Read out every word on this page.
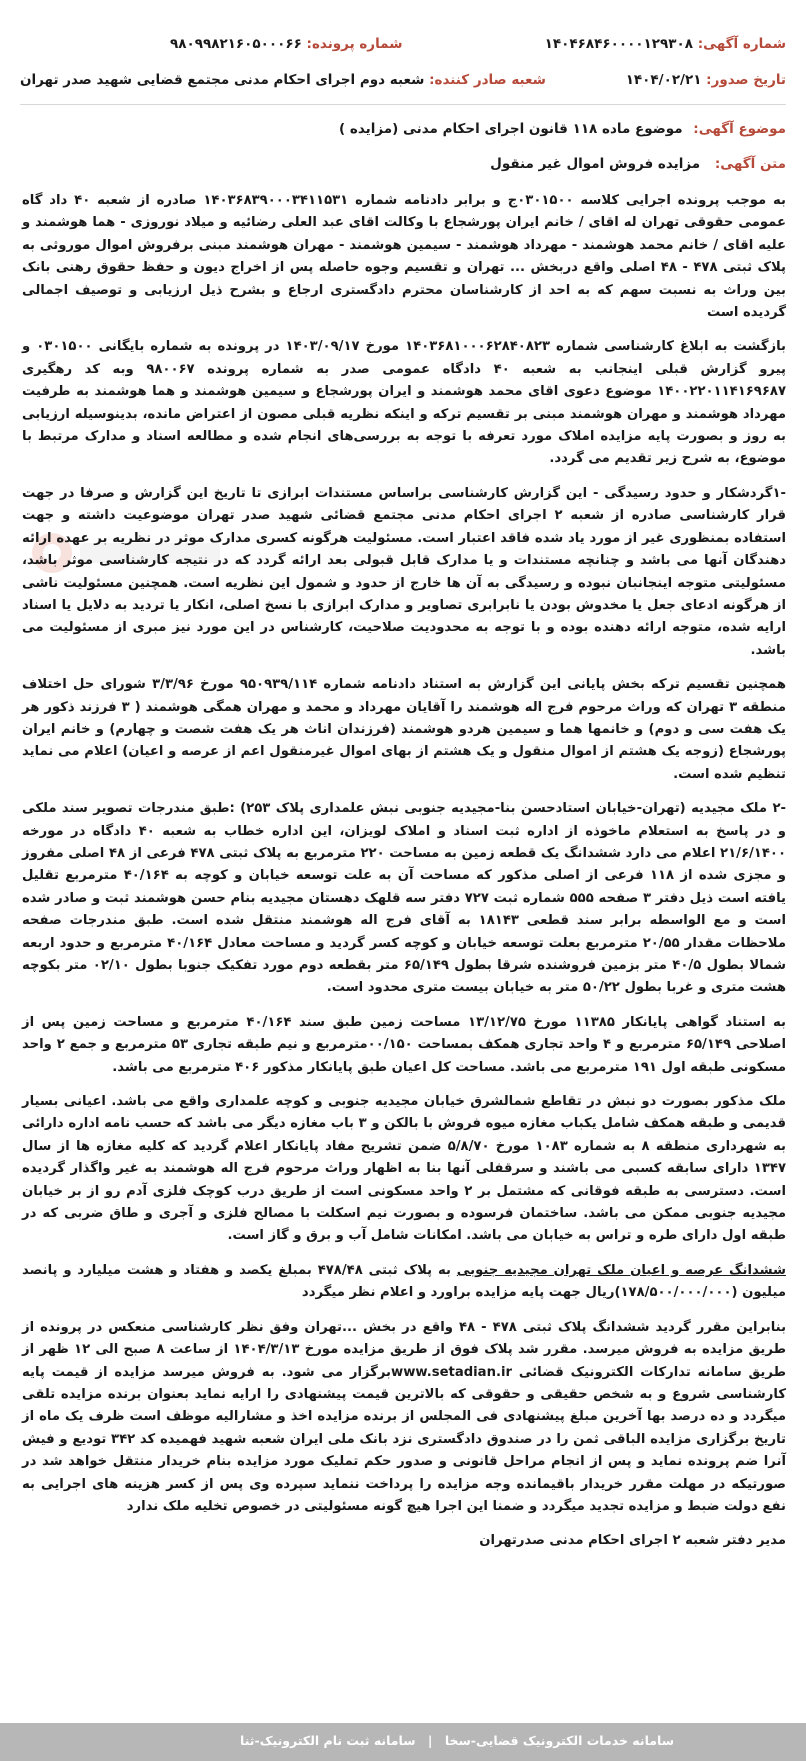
شماره آگهی: ۱۴۰۴۶۸۴۶۰۰۰۰۱۲۹۳۰۸
شماره پرونده: ۹۸۰۹۹۸۲۱۶۰۵۰۰۰۶۶
تاریخ صدور: ۱۴۰۴/۰۲/۲۱
شعبه صادر کننده: شعبه دوم اجرای احکام مدنی مجتمع قضایی شهید صدر تهران
موضوع آگهی: موضوع ماده ۱۱۸ قانون اجرای احکام مدنی (مزایده )
متن آگهی: مزایده فروش اموال غیر منقول

به موجب پرونده اجرایی کلاسه ۰۳۰۱۵۰۰ج و برابر دادنامه شماره ۱۴۰۳۶۸۳۹۰۰۰۳۴۱۱۵۳۱ صادره از شعبه ۴۰ داد گاه عمومی حقوقی تهران له اقای / خانم ایران پورشجاع با وکالت اقای عبد العلی رضائیه و میلاد نوروزی - هما هوشمند و علیه اقای / خانم محمد هوشمند - مهرداد هوشمند - سیمین هوشمند - مهران هوشمند مبنی برفروش اموال موروثی به پلاک ثبتی ۴۷۸ - ۴۸ اصلی واقع دربخش ... تهران و تقسیم وجوه حاصله پس از اخراج دیون و حفظ حقوق رهنی بانک بین وراث به نسبت سهم که به احد از کارشناسان محترم دادگستری ارجاع و بشرح ذیل ارزیابی و توصیف اجمالی گردیده است

بازگشت به ابلاغ کارشناسی شماره ۱۴۰۳۶۸۱۰۰۰۶۲۸۴۰۸۲۳ مورخ ۱۴۰۳/۰۹/۱۷ در پرونده به شماره بایگانی ۰۳۰۱۵۰۰ و پیرو گزارش قبلی اینجانب به شعبه ۴۰ دادگاه عمومی صدر به شماره پرونده ۹۸۰۰۶۷ وبه کد رهگیری ۱۴۰۰۲۲۰۱۱۴۱۶۹۶۸۷ موضوع دعوی اقای محمد هوشمند و ایران پورشجاع و سیمین هوشمند و هما هوشمند به طرفیت مهرداد هوشمند و مهران هوشمند مبنی بر تقسیم ترکه و اینکه نظریه قبلی مصون از اعتراض مانده، بدینوسیله ارزیابی به روز و بصورت پایه مزایده املاک مورد تعرفه با توجه به بررسی‌های انجام شده و مطالعه اسناد و مدارک مرتبط با موضوع، به شرح زیر تقدیم می گردد.

-۱گردشکار و حدود رسیدگی - این گزارش کارشناسی براساس مستندات ابرازی تا تاریخ این گزارش و صرفا در جهت قرار کارشناسی صادره از شعبه ۲ اجرای احکام مدنی مجتمع قضائی شهید صدر تهران موضوعیت داشته و جهت استفاده بمنظوری غیر از مورد یاد شده فاقد اعتبار است. مسئولیت هرگونه کسری مدارک موثر در نظریه بر عهده ارائه دهندگان آنها می باشد و چنانچه مستندات و یا مدارک قابل قبولی بعد ارائه گردد که در نتیجه کارشناسی موثر باشد، مسئولیتی متوجه اینجانبان نبوده و رسیدگی به آن ها خارج از حدود و شمول این نظریه است. همچنین مسئولیت ناشی از هرگونه ادعای جعل یا مخدوش بودن یا نابرابری تصاویر و مدارک ابرازی با نسخ اصلی، انکار یا تردید به دلایل یا اسناد ارایه شده، متوجه ارائه دهنده بوده و با توجه به محدودیت صلاحیت، کارشناس در این مورد نیز مبری از مسئولیت می باشد.

همچنین تقسیم ترکه بخش پایانی این گزارش به استناد دادنامه شماره ۹۵۰۹۳۹/۱۱۴ مورخ ۳/۳/۹۶ شورای حل اختلاف منطقه ۳ تهران که وراث مرحوم فرج اله هوشمند را آقایان مهرداد و محمد و مهران همگی هوشمند ( ۳ فرزند ذکور هر یک هفت سی و دوم) و خانمها هما و سیمین هردو هوشمند (فرزندان اناث هر یک هفت شصت و چهارم) و خانم ایران پورشجاع (زوجه یک هشتم از اموال منقول و یک هشتم از بهای اموال غیرمنقول اعم از عرصه و اعیان) اعلام می نماید تنظیم شده است.

-۲ ملک مجیدیه (تهران-خیابان استادحسن بنا-مجیدیه جنوبی نبش علمداری پلاک ۲۵۳) :طبق مندرجات تصویر سند ملکی و در پاسخ به استعلام ماخوذه از اداره ثبت اسناد و املاک لویزان، این اداره خطاب به شعبه ۴۰ دادگاه در مورخه ۲۱/۶/۱۴۰۰ اعلام می دارد ششدانگ یک قطعه زمین به مساحت ۲۲۰ مترمربع به پلاک ثبتی ۴۷۸ فرعی از ۴۸ اصلی مفروز و مجزی شده از ۱۱۸ فرعی از اصلی مذکور که مساحت آن به علت توسعه خیابان و کوچه به ۴۰/۱۶۴ مترمربع تقلیل یافته است ذیل دفتر ۳ صفحه ۵۵۵ شماره ثبت ۷۲۷ دفتر سه قلهک دهستان مجیدیه بنام حسن هوشمند ثبت و صادر شده است و مع الواسطه برابر سند قطعی ۱۸۱۴۳ به آقای فرج اله هوشمند منتقل شده است. طبق مندرجات صفحه ملاحظات مقدار ۲۰/۵۵ مترمربع بعلت توسعه خیابان و کوچه کسر گردید و مساحت معادل ۴۰/۱۶۴ مترمربع و حدود اربعه شمالا بطول ۴۰/۵ متر بزمین فروشنده شرقا بطول ۶۵/۱۴۹ متر بقطعه دوم مورد تفکیک جنوبا بطول ۰۲/۱۰ متر بکوچه هشت متری و غربا بطول ۵۰/۲۲ متر به خیابان بیست متری محدود است.

به استناد گواهی پایانکار ۱۱۳۸۵ مورخ ۱۳/۱۲/۷۵ مساحت زمین طبق سند ۴۰/۱۶۴ مترمربع و مساحت زمین پس از اصلاحی ۶۵/۱۴۹ مترمربع و ۴ واحد تجاری همکف بمساحت ۰۰/۱۵۰مترمربع و نیم طبقه تجاری ۵۳ مترمربع و جمع ۲ واحد مسکونی طبقه اول ۱۹۱ مترمربع می باشد. مساحت کل اعیان طبق پایانکار مذکور ۴۰۶ مترمربع می باشد.

ملک مذکور بصورت دو نبش در تقاطع شمالشرق خیابان مجیدیه جنوبی و کوچه علمداری واقع می باشد. اعیانی بسیار قدیمی و طبقه همکف شامل یکباب مغازه میوه فروش با بالکن و ۳ باب مغازه دیگر می باشد که حسب نامه اداره دارائی به شهرداری منطقه ۸ به شماره ۱۰۸۳ مورخ ۵/۸/۷۰ ضمن تشریح مفاد پایانکار اعلام گردید که کلیه مغازه ها از سال ۱۳۴۷ دارای سابقه کسبی می باشند و سرقفلی آنها بنا به اظهار وراث مرحوم فرج اله هوشمند به غیر واگذار گردیده است. دسترسی به طبقه فوقانی که مشتمل بر ۲ واحد مسکونی است از طریق درب کوچک فلزی آدم رو از بر خیابان مجیدیه جنوبی ممکن می باشد. ساختمان فرسوده و بصورت نیم اسکلت با مصالح فلزی و آجری و طاق ضربی که در طبقه اول دارای طره و تراس به خیابان می باشد. امکانات شامل آب و برق و گاز است.

ششدانگ عرصه و اعیان ملک تهران مجیدیه جنوبی به پلاک ثبتی ۴۷۸/۴۸ بمبلغ یکصد و هفتاد و هشت میلیارد و پانصد میلیون (۱۷۸/۵۰۰/۰۰۰/۰۰۰)ریال جهت پایه مزایده براورد و اعلام نظر میگردد

بنابراین مقرر گردید ششدانگ پلاک ثبتی ۴۷۸ - ۴۸ واقع در بخش ...تهران وفق نظر کارشناسی منعکس در پرونده از طریق مزایده به فروش میرسد. مقرر شد پلاک فوق از طریق مزایده مورخ ۱۴۰۴/۳/۱۳ از ساعت ۸ صبح الی ۱۲ ظهر از طریق سامانه تدارکات الکترونیک قضائی www.setadian.irبرگزار می شود. به فروش میرسد مزایده از قیمت پایه کارشناسی شروع و به شخص حقیقی و حقوقی که بالاترین قیمت پیشنهادی را ارایه نماید بعنوان برنده مزایده تلقی میگردد و ده درصد بها آخرین مبلغ پیشنهادی فی المجلس از برنده مزایده اخذ و مشارالیه موظف است ظرف یک ماه از تاریخ برگزاری مزایده الباقی ثمن را در صندوق دادگستری نزد بانک ملی ایران شعبه شهید فهمیده کد ۳۴۲ تودیع و فیش آنرا ضم پرونده نماید و پس از انجام مراحل قانونی و صدور حکم تملیک مورد مزایده بنام خریدار منتقل خواهد شد در صورتیکه در مهلت مقرر خریدار باقیمانده وجه مزایده را پرداخت ننماید سپرده وی پس از کسر هزینه های اجرایی به نفع دولت ضبط و مزایده تجدید میگردد و ضمنا این اجرا هیچ گونه مسئولیتی در خصوص تخلیه ملک ندارد

مدیر دفتر شعبه ۲ اجرای احکام مدنی صدرتهران

سامانه خدمات الکترونیک قضایی-سخا | سامانه ثبت نام الکترونیک-ثنا
